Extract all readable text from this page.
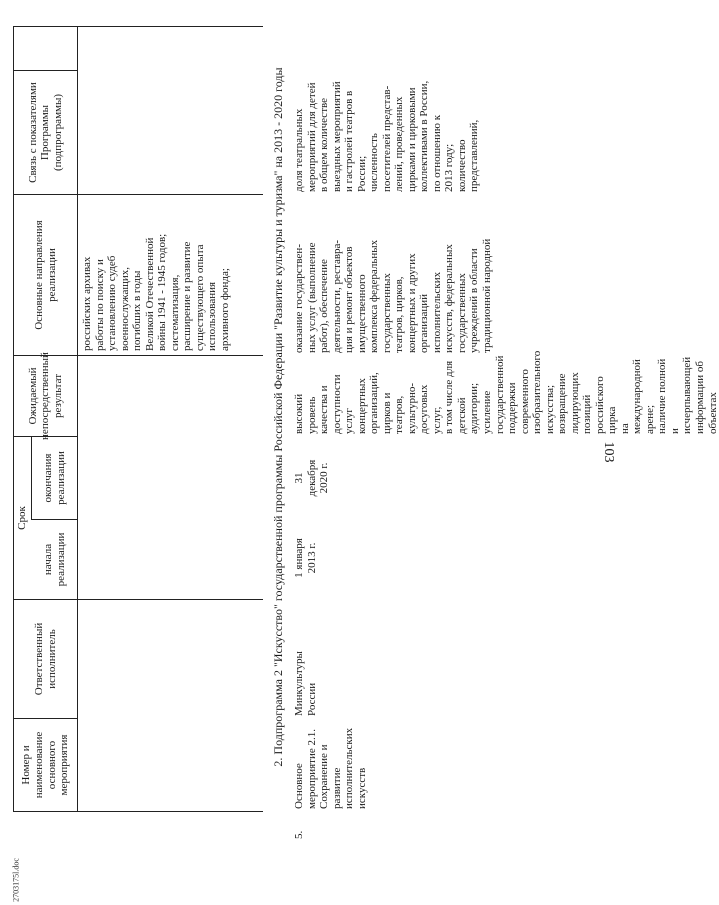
103
2703175l.doc
Номер и наименование основного мероприятия
Ответственный исполнитель
Срок
начала реализации
окончания реализации
Ожидаемый непосредственный результат
Основные направления реализации
Связь с показателями Программы (подпрограммы)
российских архивах
работы по поиску и
установлению судеб
военнослужащих,
погибших в годы
Великой Отечественной
войны 1941 - 1945 годов;
систематизация,
расширение и развитие
существующего опыта
использования
архивного фонда;	2. Подпрограмма 2 "Искусство" государственной программы Российской Федерации "Развитие культуры и туризма" на 2013 - 2020 годы
5.
Основное
мероприятие 2.1.
Сохранение и
развитие
исполнительских
искусств
Минкультуры
России
1 января
2013 г.
31
декабря
2020 г.
высокий уровень качества и
доступности услуг
концертных организаций,
цирков и театров,
культурно-досуговых услуг,
в том числе для детской
аудитории;
усиление государственной
поддержки современного
изобразительного искусства;
возвращение лидирующих
позиций российского цирка
на международной арене;
наличие полной и
исчерпывающей
информации об объектах
оказание государствен-
ных услуг (выполнение
работ), обеспечение
деятельности, реставра-
ция и ремонт объектов
имущественного
комплекса федеральных
государственных
театров, цирков,
концертных и других
организаций
исполнительских
искусств, федеральных
государственных
учреждений в области
традиционной народной
доля театральных
мероприятий для детей
в общем количестве
выездных мероприятий
и гастролей театров в
России;
численность
посетителей представ-
лений, проведенных
цирками и цирковыми
коллективами в России,
по отношению к
2013 году;
количество
представлений,
